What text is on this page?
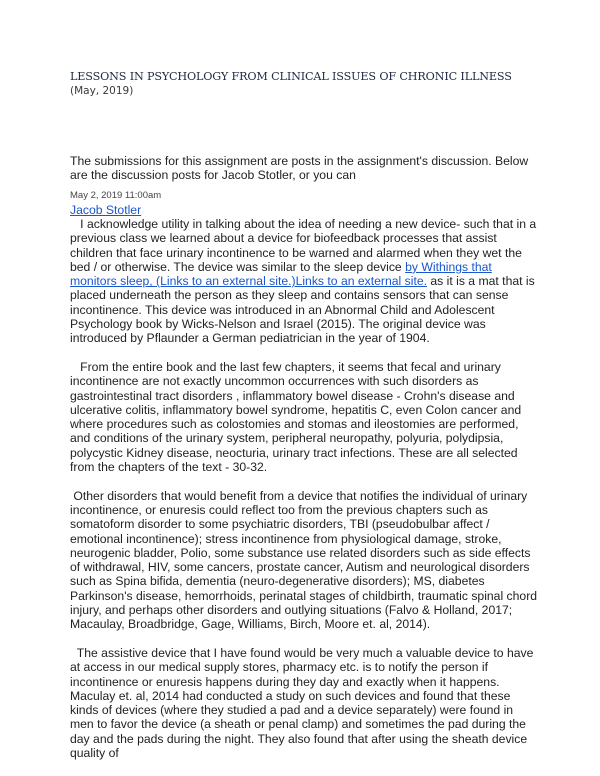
LESSONS IN PSYCHOLOGY FROM CLINICAL ISSUES OF CHRONIC ILLNESS
(May, 2019)
The submissions for this assignment are posts in the assignment's discussion. Below are the discussion posts for Jacob Stotler, or you can
May 2, 2019 11:00am
Jacob Stotler

I acknowledge utility in talking about the idea of needing a new device- such that in a previous class we learned about a device for biofeedback processes that assist children that face urinary incontinence to be warned and alarmed when they wet the bed / or otherwise. The device was similar to the sleep device by Withings that monitors sleep, (Links to an external site.)Links to an external site. as it is a mat that is placed underneath the person as they sleep and contains sensors that can sense incontinence. This device was introduced in an Abnormal Child and Adolescent Psychology book by Wicks-Nelson and Israel (2015). The original device was introduced by Pflaunder a German pediatrician in the year of 1904.

From the entire book and the last few chapters, it seems that fecal and urinary incontinence are not exactly uncommon occurrences with such disorders as gastrointestinal tract disorders , inflammatory bowel disease - Crohn's disease and ulcerative colitis, inflammatory bowel syndrome, hepatitis C, even Colon cancer and where procedures such as colostomies and stomas and ileostomies are performed, and conditions of the urinary system, peripheral neuropathy, polyuria, polydipsia, polycystic Kidney disease, neocturia, urinary tract infections. These are all selected from the chapters of the text - 30-32.

Other disorders that would benefit from a device that notifies the individual of urinary incontinence, or enuresis could reflect too from the previous chapters such as somatoform disorder to some psychiatric disorders, TBI (pseudobulbar affect / emotional incontinence); stress incontinence from physiological damage, stroke, neurogenic bladder, Polio, some substance use related disorders such as side effects of withdrawal, HIV, some cancers, prostate cancer, Autism and neurological disorders such as Spina bifida, dementia (neuro-degenerative disorders); MS, diabetes Parkinson's disease, hemorrhoids, perinatal stages of childbirth, traumatic spinal chord injury, and perhaps other disorders and outlying situations (Falvo & Holland, 2017; Macaulay, Broadbridge, Gage, Williams, Birch, Moore et. al, 2014).

The assistive device that I have found would be very much a valuable device to have at access in our medical supply stores, pharmacy etc. is to notify the person if incontinence or enuresis happens during they day and exactly when it happens. Maculay et. al, 2014 had conducted a study on such devices and found that these kinds of devices (where they studied a pad and a device separately) were found in men to favor the device (a sheath or penal clamp) and sometimes the pad during the day and the pads during the night. They also found that after using the sheath device quality of
